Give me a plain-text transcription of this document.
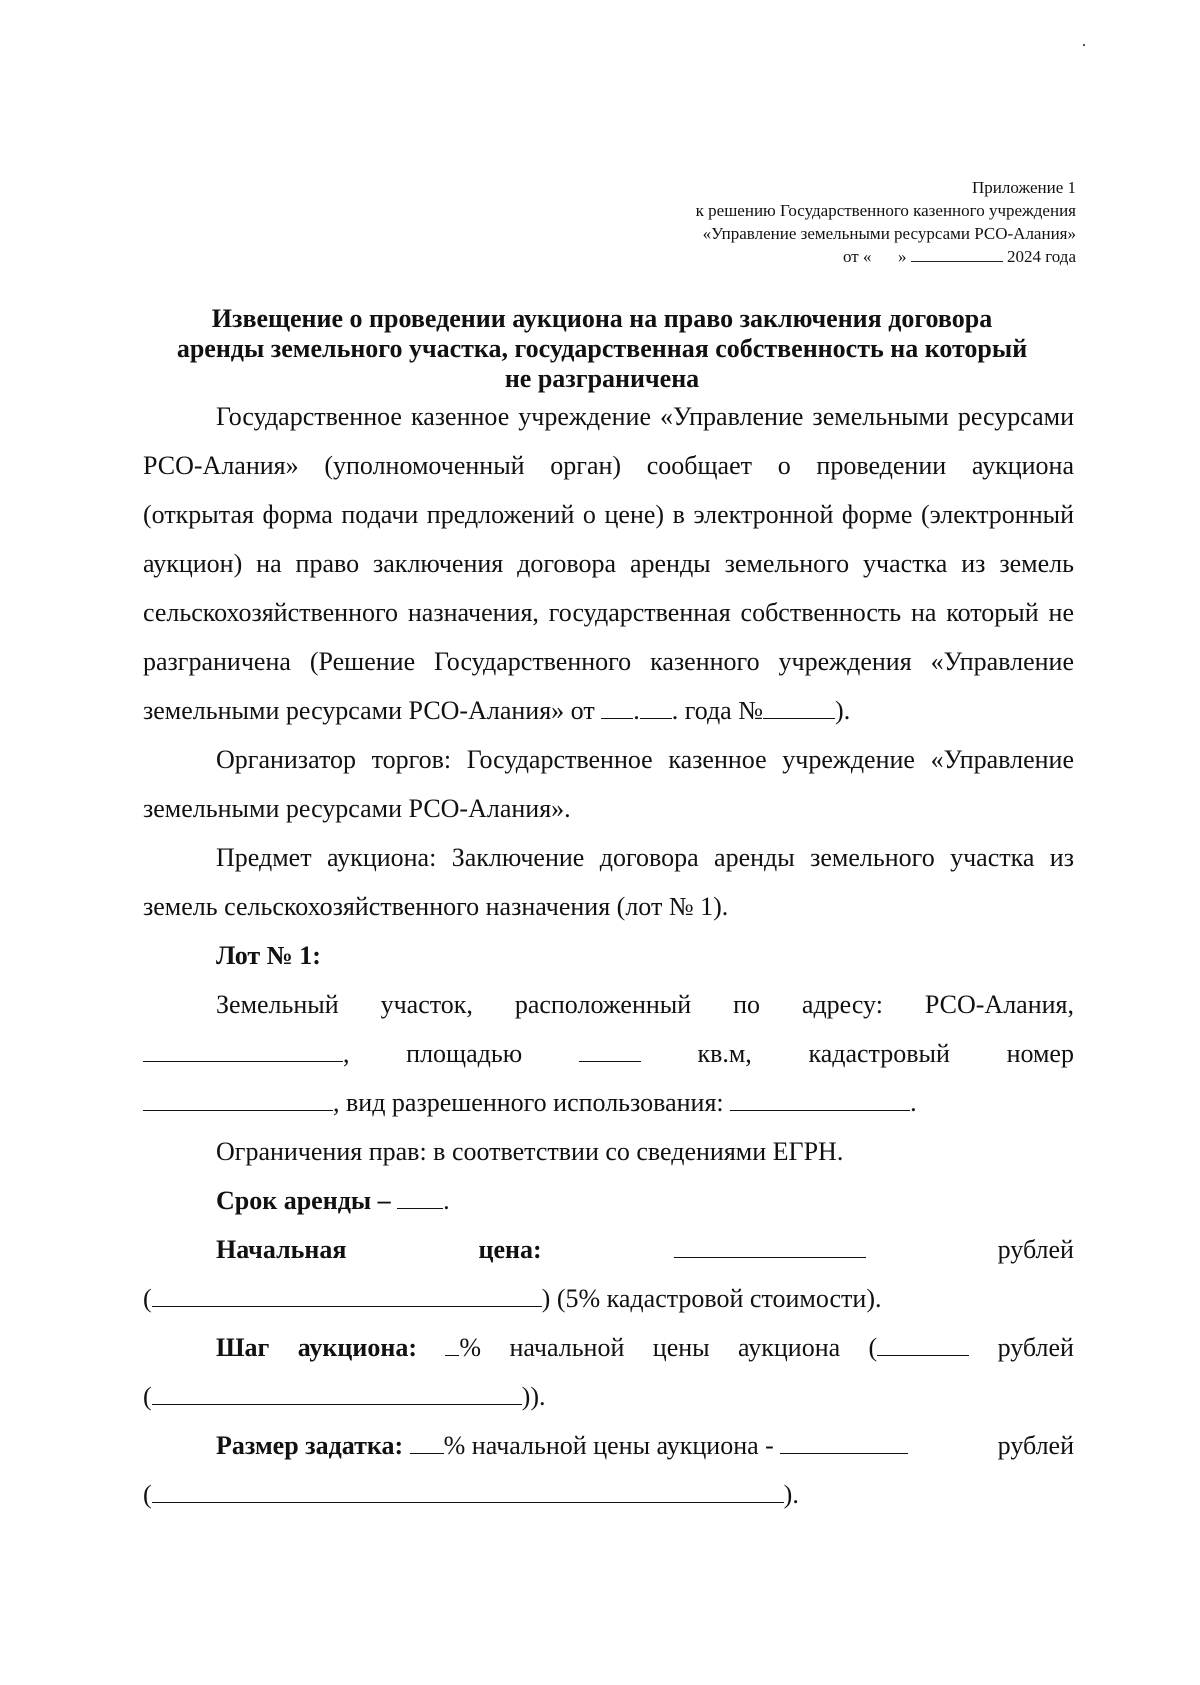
Приложение 1
к решению Государственного казенного учреждения
«Управление земельными ресурсами РСО-Алания»
от « »	2024 года
Извещение о проведении аукциона на право заключения договора
аренды земельного участка, государственная собственность на который
не разграничена

Государственное казенное учреждение «Управление земельными ресурсами РСО-Алания» (уполномоченный орган) сообщает о проведении аукциона (открытая форма подачи предложений о цене) в электронной форме (электронный аукцион) на право заключения договора аренды земельного участка из земель сельскохозяйственного назначения, государственная собственность на который не разграничена (Решение Государственного казенного учреждения «Управление земельными ресурсами РСО-Алания» от . . года №	).

Организатор торгов: Государственное казенное учреждение «Управление земельными ресурсами РСО-Алания».

Предмет аукциона: Заключение договора аренды земельного участка из земель сельскохозяйственного назначения (лот № 1).

Лот № 1:

Земельный участок, расположенный по адресу: РСО-Алания,
, площадью	кв.м, кадастровый номер

, вид разрешенного использования:	.

Ограничения прав: в соответствии со сведениями ЕГРН.

Срок аренды – .

Начальная	цена:	рублей

(	) (5% кадастровой стоимости).

Шаг аукциона:	% начальной цены аукциона (	рублей

(	)).

Размер задатка: % начальной цены аукциона -	рублей

(	).
